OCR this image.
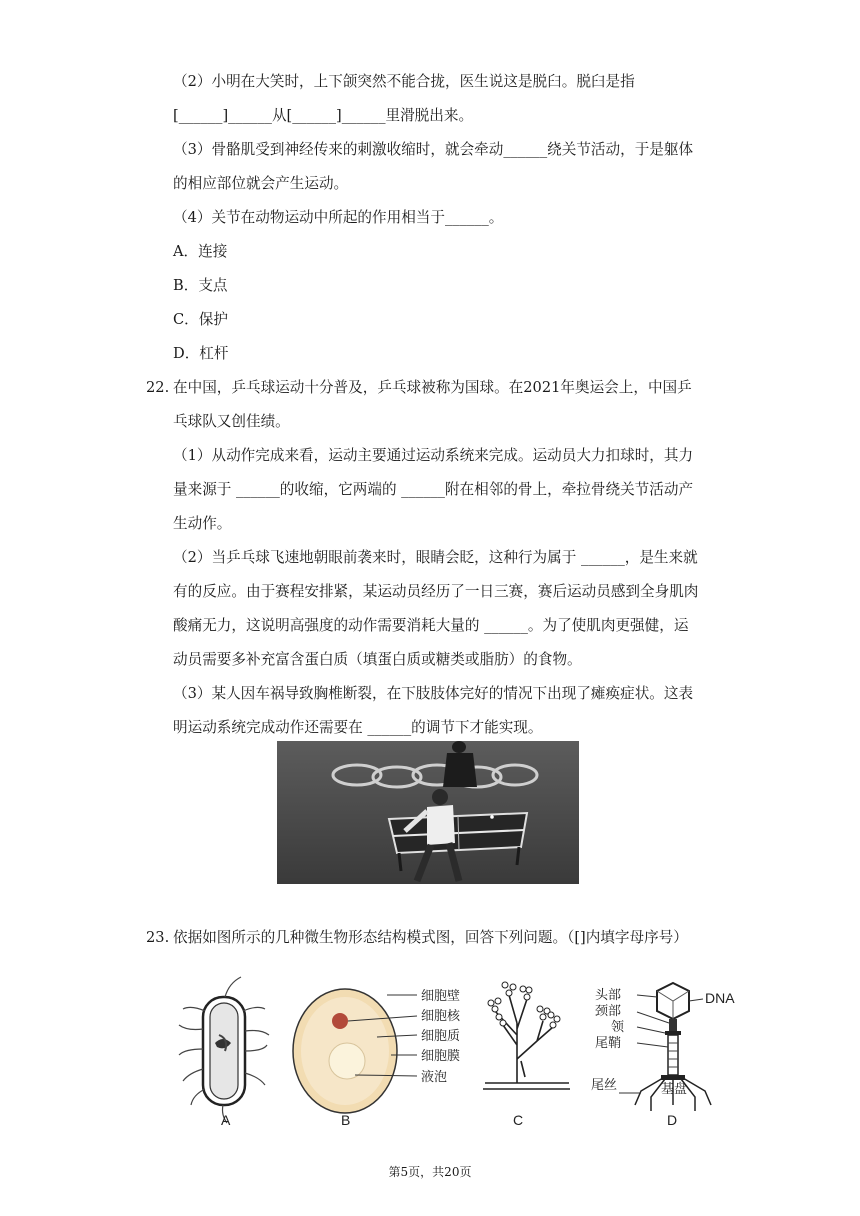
（2）小明在大笑时，上下颌突然不能合拢，医生说这是脱臼。脱臼是指
[______]______从[______]______里滑脱出来。
（3）骨骼肌受到神经传来的刺激收缩时，就会牵动______绕关节活动，于是躯体
的相应部位就会产生运动。
（4）关节在动物运动中所起的作用相当于______。
A．连接
B．支点
C．保护
D．杠杆
22. 在中国，乒乓球运动十分普及，乒乓球被称为国球。在2021年奥运会上，中国乒
乓球队又创佳绩。
（1）从动作完成来看，运动主要通过运动系统来完成。运动员大力扣球时，其力
量来源于 ______的收缩，它两端的 ______附在相邻的骨上，牵拉骨绕关节活动产
生动作。
（2）当乒乓球飞速地朝眼前袭来时，眼睛会眨，这种行为属于 ______，是生来就
有的反应。由于赛程安排紧，某运动员经历了一日三赛，赛后运动员感到全身肌肉
酸痛无力，这说明高强度的动作需要消耗大量的 ______。为了使肌肉更强健，运
动员需要多补充富含蛋白质（填蛋白质或糖类或脂肪）的食物。
（3）某人因车祸导致胸椎断裂，在下肢肢体完好的情况下出现了瘫痪症状。这表
明运动系统完成动作还需要在 ______的调节下才能实现。
23. 依据如图所示的几种微生物形态结构模式图，回答下列问题。（[]内填字母序号）
细胞壁
细胞核
细胞质
细胞膜
液泡
头部
颈部
领
尾鞘
尾丝	基盘
DNA
A	B	C	D
第5页，共20页
